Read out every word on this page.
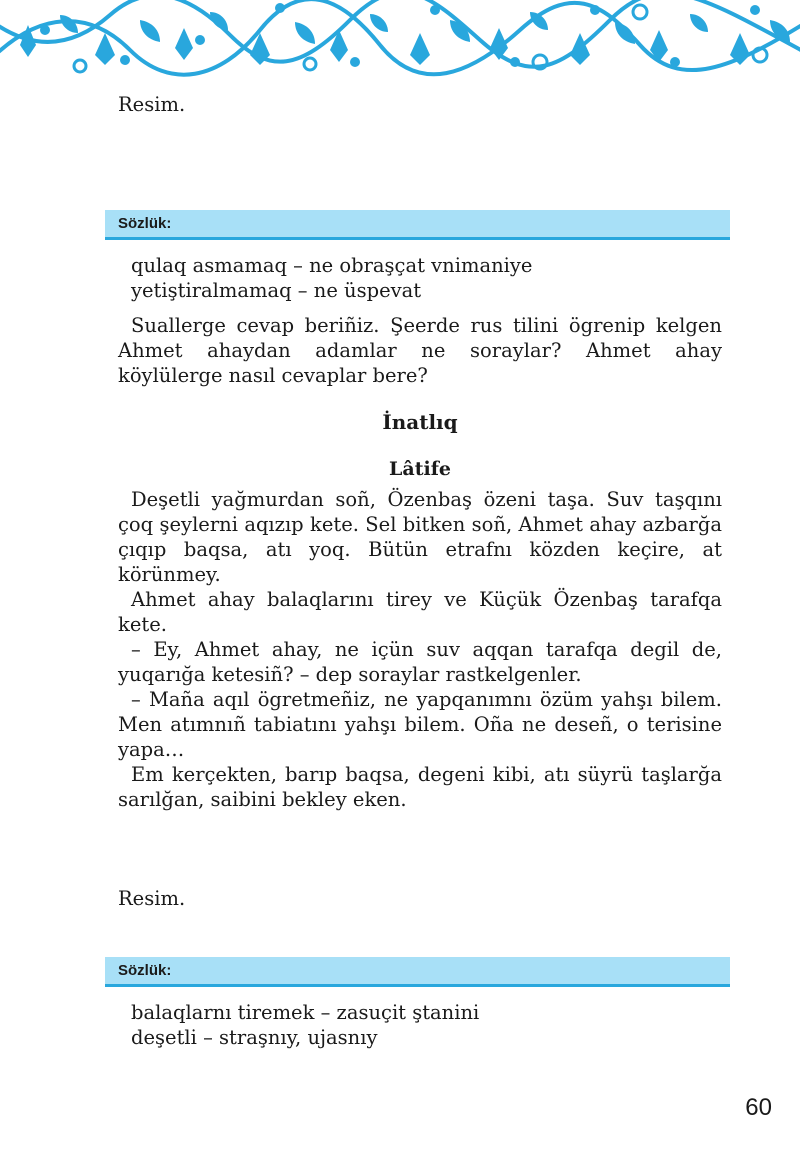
Resim.
Sözlük:
qulaq asmamaq – ne obraşçat vnimaniye
yetiştiralmamaq – ne üspevat
Suallerge cevap beriñiz. Şeerde rus tilini ögrenip kelgen Ahmet ahaydan adamlar ne soraylar? Ahmet ahay köylülerge nasıl cevaplar bere?
İnatlıq
Lâtife

Deşetli yağmurdan soñ, Özenbaş özeni taşa. Suv taşqını çoq şeylerni aqızıp kete. Sel bitken soñ, Ahmet ahay azbarğa çıqıp baqsa, atı yoq. Bütün etrafnı közden keçire, at körünmey.

Ahmet ahay balaqlarını tirey ve Küçük Özenbaş tarafqa kete.

– Ey, Ahmet ahay, ne içün suv aqqan tarafqa degil de, yuqarığa ketesiñ? – dep soraylar rastkelgenler.

– Maña aqıl ögretmeñiz, ne yapqanımnı özüm yahşı bilem. Men atımnıñ tabiatını yahşı bilem. Oña ne deseñ, o terisine yapa…

Em kerçekten, barıp baqsa, degeni kibi, atı süyrü taşlarğa sarılğan, saibini bekley eken.

Resim.
Sözlük:
balaqlarnı tiremek – zasuçit ştanini
deşetli – straşnıy, ujasnıy
60
